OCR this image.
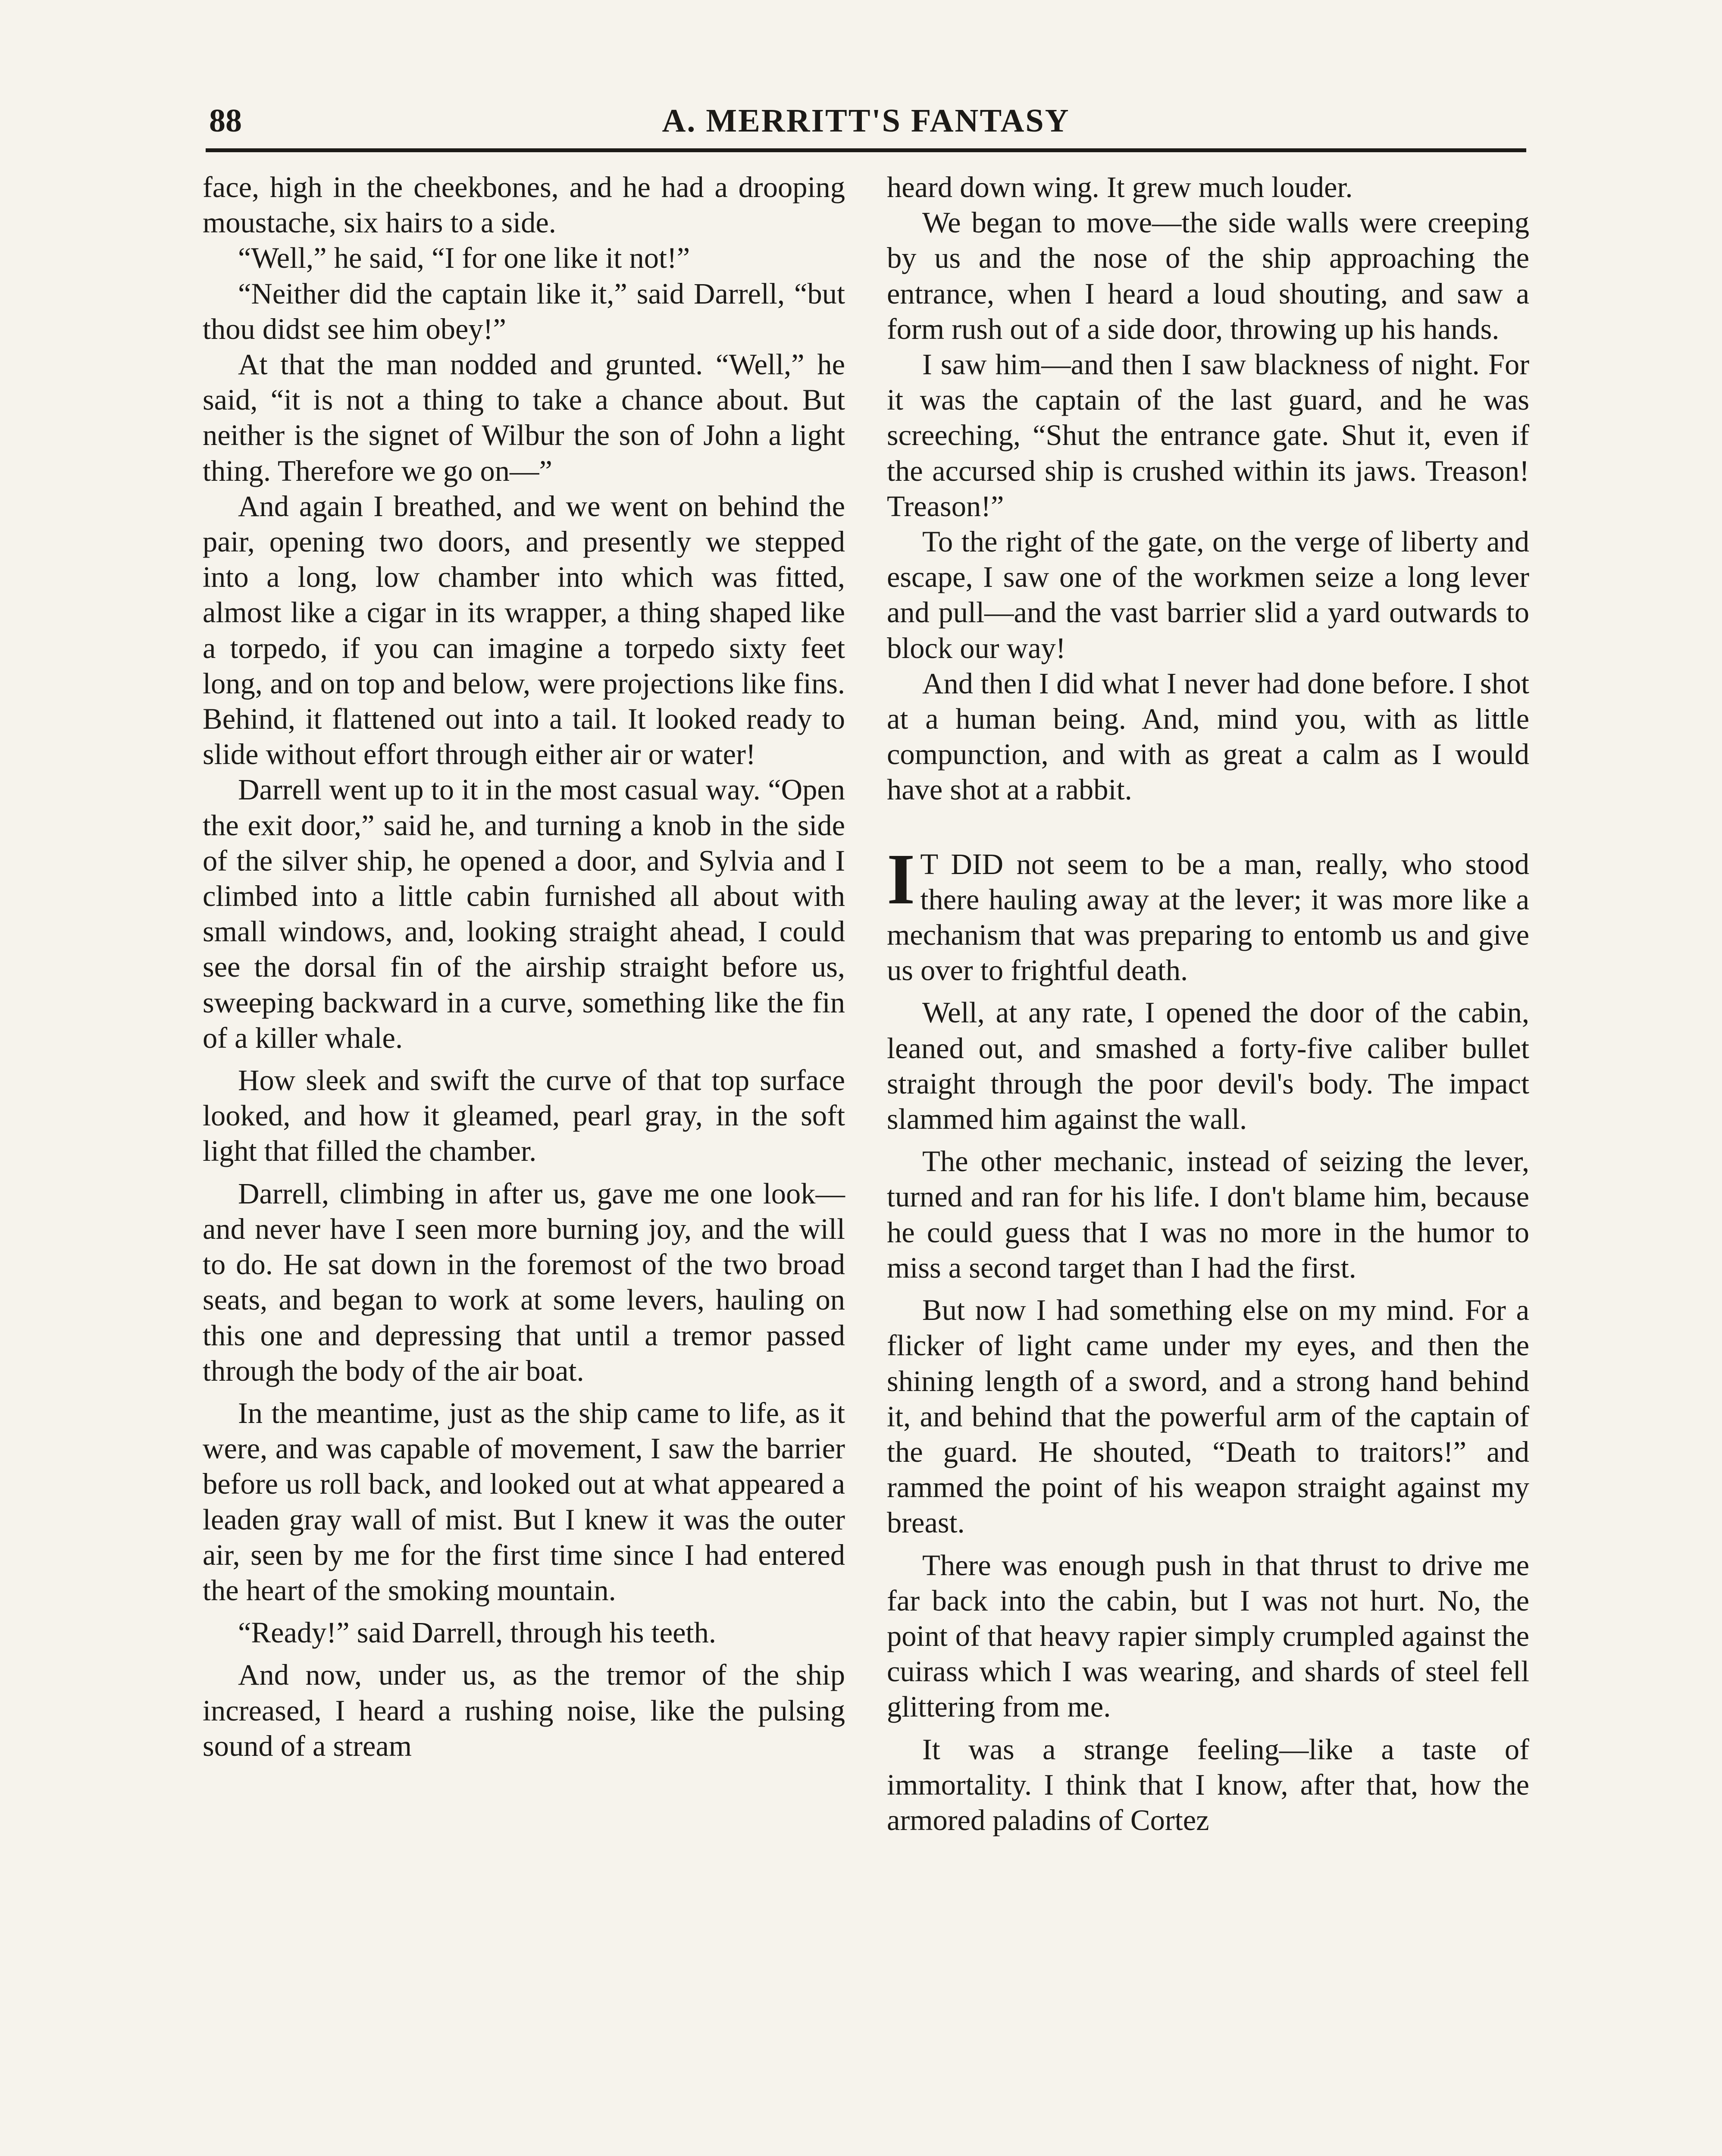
88	A. MERRITT'S FANTASY

face, high in the cheekbones, and he had a drooping moustache, six hairs to a side.

“Well,” he said, “I for one like it not!”

“Neither did the captain like it,” said Darrell, “but thou didst see him obey!”

At that the man nodded and grunted. “Well,” he said, “it is not a thing to take a chance about. But neither is the signet of Wilbur the son of John a light thing. Therefore we go on—”

And again I breathed, and we went on behind the pair, opening two doors, and presently we stepped into a long, low chamber into which was fitted, almost like a cigar in its wrapper, a thing shaped like a torpedo, if you can imagine a torpedo sixty feet long, and on top and below, were projections like fins. Behind, it flattened out into a tail. It looked ready to slide without effort through either air or water!

Darrell went up to it in the most casual way. “Open the exit door,” said he, and turning a knob in the side of the silver ship, he opened a door, and Sylvia and I climbed into a little cabin furnished all about with small windows, and, looking straight ahead, I could see the dorsal fin of the airship straight before us, sweeping backward in a curve, something like the fin of a killer whale.

How sleek and swift the curve of that top surface looked, and how it gleamed, pearl gray, in the soft light that filled the chamber.

Darrell, climbing in after us, gave me one look—and never have I seen more burning joy, and the will to do. He sat down in the foremost of the two broad seats, and began to work at some levers, hauling on this one and depressing that until a tremor passed through the body of the air boat.

In the meantime, just as the ship came to life, as it were, and was capable of movement, I saw the barrier before us roll back, and looked out at what appeared a leaden gray wall of mist. But I knew it was the outer air, seen by me for the first time since I had entered the heart of the smoking mountain.

“Ready!” said Darrell, through his teeth.

And now, under us, as the tremor of the ship increased, I heard a rushing noise, like the pulsing sound of a stream

heard down wing. It grew much louder.

We began to move—the side walls were creeping by us and the nose of the ship approaching the entrance, when I heard a loud shouting, and saw a form rush out of a side door, throwing up his hands.

I saw him—and then I saw blackness of night. For it was the captain of the last guard, and he was screeching, “Shut the entrance gate. Shut it, even if the accursed ship is crushed within its jaws. Treason! Treason!”

To the right of the gate, on the verge of liberty and escape, I saw one of the workmen seize a long lever and pull—and the vast barrier slid a yard outwards to block our way!

And then I did what I never had done before. I shot at a human being. And, mind you, with as little compunction, and with as great a calm as I would have shot at a rabbit.

I T DID not seem to be a man, really, who stood there hauling away at the lever; it was more like a mechanism that was preparing to entomb us and give us over to frightful death.

Well, at any rate, I opened the door of the cabin, leaned out, and smashed a forty-five caliber bullet straight through the poor devil's body. The impact slammed him against the wall.

The other mechanic, instead of seizing the lever, turned and ran for his life. I don't blame him, because he could guess that I was no more in the humor to miss a second target than I had the first.

But now I had something else on my mind. For a flicker of light came under my eyes, and then the shining length of a sword, and a strong hand behind it, and behind that the powerful arm of the captain of the guard. He shouted, “Death to traitors!” and rammed the point of his weapon straight against my breast.

There was enough push in that thrust to drive me far back into the cabin, but I was not hurt. No, the point of that heavy rapier simply crumpled against the cuirass which I was wearing, and shards of steel fell glittering from me.

It was a strange feeling—like a taste of immortality. I think that I know, after that, how the armored paladins of Cortez
